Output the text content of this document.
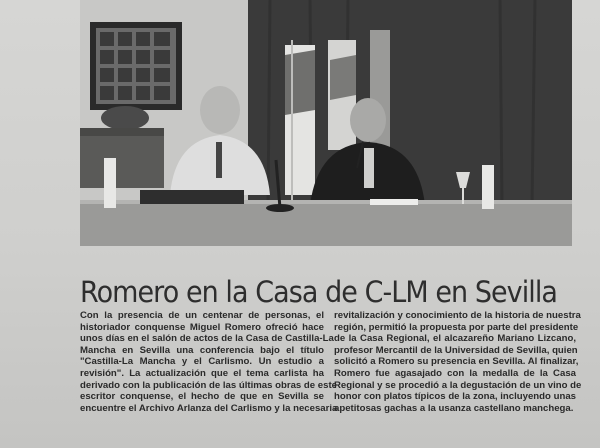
Romero en la Casa de C-LM en Sevilla

Con la presencia de un centenar de personas, el

historiador conquense Miguel Romero ofreció hace

unos días en el salón de actos de la Casa de Castilla-La

Mancha en Sevilla una conferencia bajo el título

"Castilla-La Mancha y el Carlismo. Un estudio a

revisión". La actualización que el tema carlista ha

derivado con la publicación de las últimas obras de este

escritor conquense, el hecho de que en Sevilla se

encuentre el Archivo Arlanza del Carlismo y la necesaria

revitalización y conocimiento de la historia de nuestra

región, permitió la propuesta por parte del presidente

de la Casa Regional, el alcazareño Mariano Lizcano,

profesor Mercantil de la Universidad de Sevilla, quien

solicitó a Romero su presencia en Sevilla. Al finalizar,

Romero fue agasajado con la medalla de la Casa

Regional y se procedió a la degustación de un vino de

honor con platos típicos de la zona, incluyendo unas

apetitosas gachas a la usanza castellano manchega.
